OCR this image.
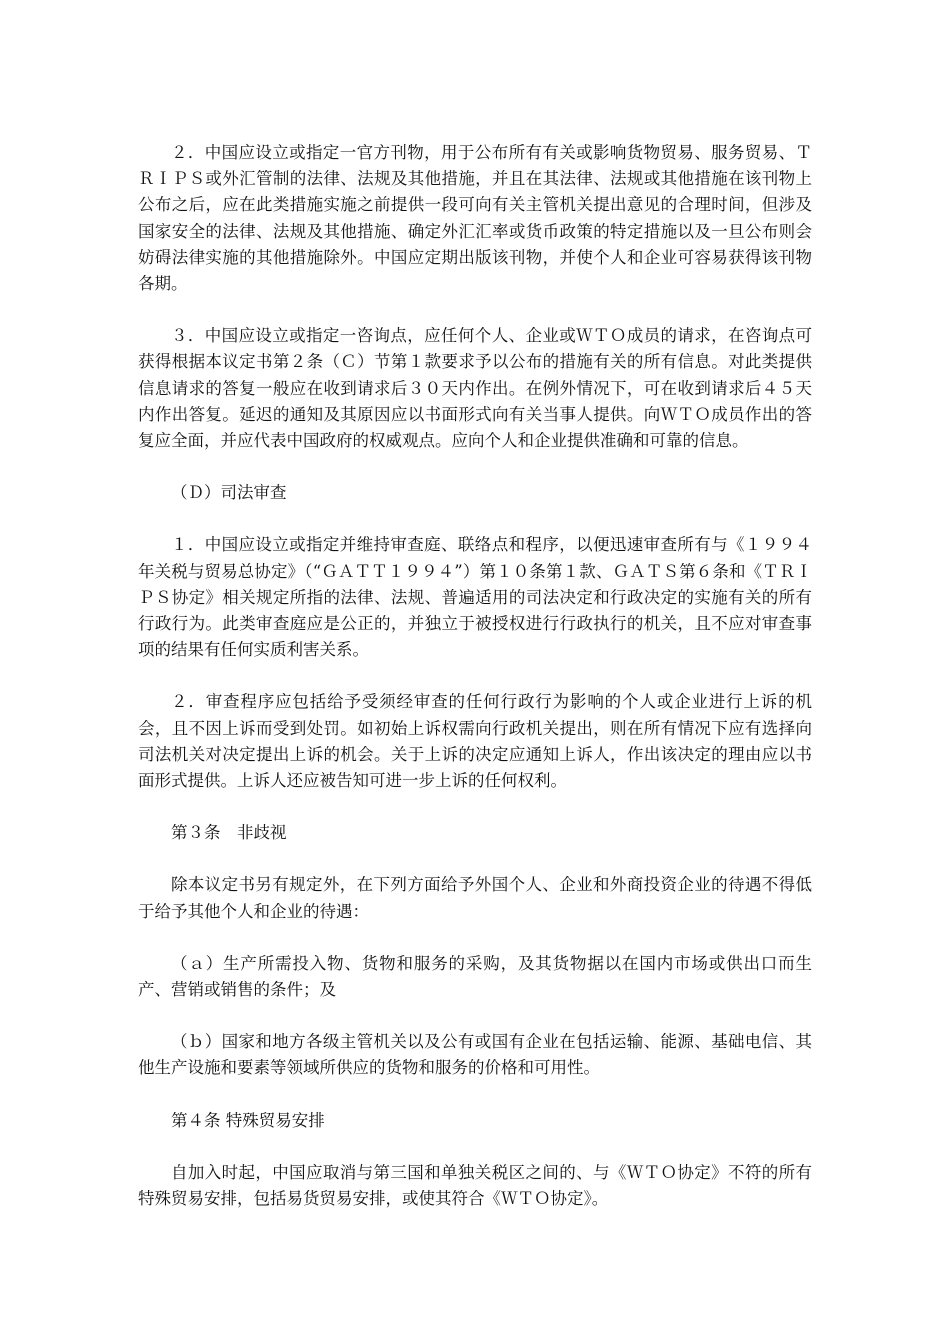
２．中国应设立或指定一官方刊物，用于公布所有有关或影响货物贸易、服务贸易、ＴＲＩＰＳ或外汇管制的法律、法规及其他措施，并且在其法律、法规或其他措施在该刊物上公布之后，应在此类措施实施之前提供一段可向有关主管机关提出意见的合理时间，但涉及国家安全的法律、法规及其他措施、确定外汇汇率或货币政策的特定措施以及一旦公布则会妨碍法律实施的其他措施除外。中国应定期出版该刊物，并使个人和企业可容易获得该刊物各期。

３．中国应设立或指定一咨询点，应任何个人、企业或ＷＴＯ成员的请求，在咨询点可获得根据本议定书第２条（Ｃ）节第１款要求予以公布的措施有关的所有信息。对此类提供信息请求的答复一般应在收到请求后３０天内作出。在例外情况下，可在收到请求后４５天内作出答复。延迟的通知及其原因应以书面形式向有关当事人提供。向ＷＴＯ成员作出的答复应全面，并应代表中国政府的权威观点。应向个人和企业提供准确和可靠的信息。

（Ｄ）司法审查

１．中国应设立或指定并维持审查庭、联络点和程序，以便迅速审查所有与《１９９４年关税与贸易总协定》（“ＧＡＴＴ１９９４”）第１０条第１款、ＧＡＴＳ第６条和《ＴＲＩＰＳ协定》相关规定所指的法律、法规、普遍适用的司法决定和行政决定的实施有关的所有行政行为。此类审查庭应是公正的，并独立于被授权进行行政执行的机关，且不应对审查事项的结果有任何实质利害关系。

２．审查程序应包括给予受须经审查的任何行政行为影响的个人或企业进行上诉的机会，且不因上诉而受到处罚。如初始上诉权需向行政机关提出，则在所有情况下应有选择向司法机关对决定提出上诉的机会。关于上诉的决定应通知上诉人，作出该决定的理由应以书面形式提供。上诉人还应被告知可进一步上诉的任何权利。

第３条　非歧视

除本议定书另有规定外，在下列方面给予外国个人、企业和外商投资企业的待遇不得低于给予其他个人和企业的待遇：

（ａ）生产所需投入物、货物和服务的采购，及其货物据以在国内市场或供出口而生产、营销或销售的条件；及

（ｂ）国家和地方各级主管机关以及公有或国有企业在包括运输、能源、基础电信、其他生产设施和要素等领域所供应的货物和服务的价格和可用性。

第４条 特殊贸易安排

自加入时起，中国应取消与第三国和单独关税区之间的、与《ＷＴＯ协定》不符的所有特殊贸易安排，包括易货贸易安排，或使其符合《ＷＴＯ协定》。
